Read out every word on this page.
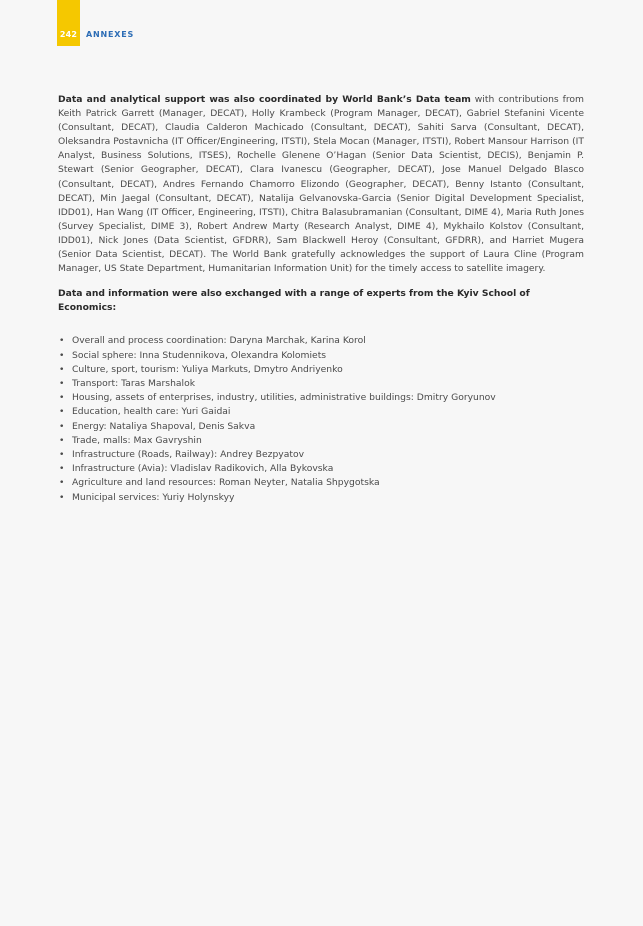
242	ANNEXES

Data and analytical support was also coordinated by World Bank’s Data team with contributions from Keith Patrick Garrett (Manager, DECAT), Holly Krambeck (Program Manager, DECAT), Gabriel Stefanini Vicente (Consultant, DECAT), Claudia Calderon Machicado (Consultant, DECAT), Sahiti Sarva (Consultant, DECAT), Oleksandra Postavnicha (IT Officer/Engineering, ITSTI), Stela Mocan (Manager, ITSTI), Robert Mansour Harrison (IT Analyst, Business Solutions, ITSES), Rochelle Glenene O’Hagan (Senior Data Scientist, DECIS), Benjamin P. Stewart (Senior Geographer, DECAT), Clara Ivanescu (Geographer, DECAT), Jose Manuel Delgado Blasco (Consultant, DECAT), Andres Fernando Chamorro Elizondo (Geographer, DECAT), Benny Istanto (Consultant, DECAT), Min Jaegal (Consultant, DECAT), Natalija Gelvanovska-Garcia (Senior Digital Development Specialist, IDD01), Han Wang (IT Officer, Engineering, ITSTI), Chitra Balasubramanian (Consultant, DIME 4), Maria Ruth Jones (Survey Specialist, DIME 3), Robert Andrew Marty (Research Analyst, DIME 4), Mykhailo Kolstov (Consultant, IDD01), Nick Jones (Data Scientist, GFDRR), Sam Blackwell Heroy (Consultant, GFDRR), and Harriet Mugera (Senior Data Scientist, DECAT). The World Bank gratefully acknowledges the support of Laura Cline (Program Manager, US State Department, Humanitarian Information Unit) for the timely access to satellite imagery.

Data and information were also exchanged with a range of experts from the Kyiv School of Economics:

• Overall and process coordination: Daryna Marchak, Karina Korol
• Social sphere: Inna Studennikova, Olexandra Kolomiets
• Culture, sport, tourism: Yuliya Markuts, Dmytro Andriyenko
• Transport: Taras Marshalok
• Housing, assets of enterprises, industry, utilities, administrative buildings: Dmitry Goryunov
• Education, health care: Yuri Gaidai
• Energy: Nataliya Shapoval, Denis Sakva
• Trade, malls: Max Gavryshin
• Infrastructure (Roads, Railway): Andrey Bezpyatov
• Infrastructure (Avia): Vladislav Radikovich, Alla Bykovska
• Agriculture and land resources: Roman Neyter, Natalia Shpygotska
• Municipal services: Yuriy Holynskyy
